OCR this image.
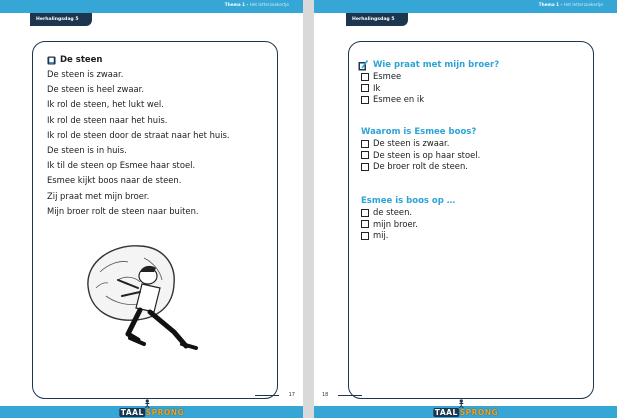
Thema 1 - Het letterzoekertje
Herhalingsdag 5
De steen
De steen is zwaar.
De steen is heel zwaar.
Ik rol de steen, het lukt wel.
Ik rol de steen naar het huis.
Ik rol de steen door de straat naar het huis.
De steen is in huis.
Ik til de steen op Esmee haar stoel.
Esmee kijkt boos naar de steen.
Zij praat met mijn broer.
Mijn broer rolt de steen naar buiten.
17
TAAL SPRONG
Thema 1 - Het letterzoekertje
Herhalingsdag 5
18
TAAL SPRONG
Wie praat met mijn broer?
Esmee
Ik
Esmee en ik
Waarom is Esmee boos?
De steen is zwaar.
De steen is op haar stoel.
De broer rolt de steen.
Esmee is boos op …
de steen.
mijn broer.
mij.
